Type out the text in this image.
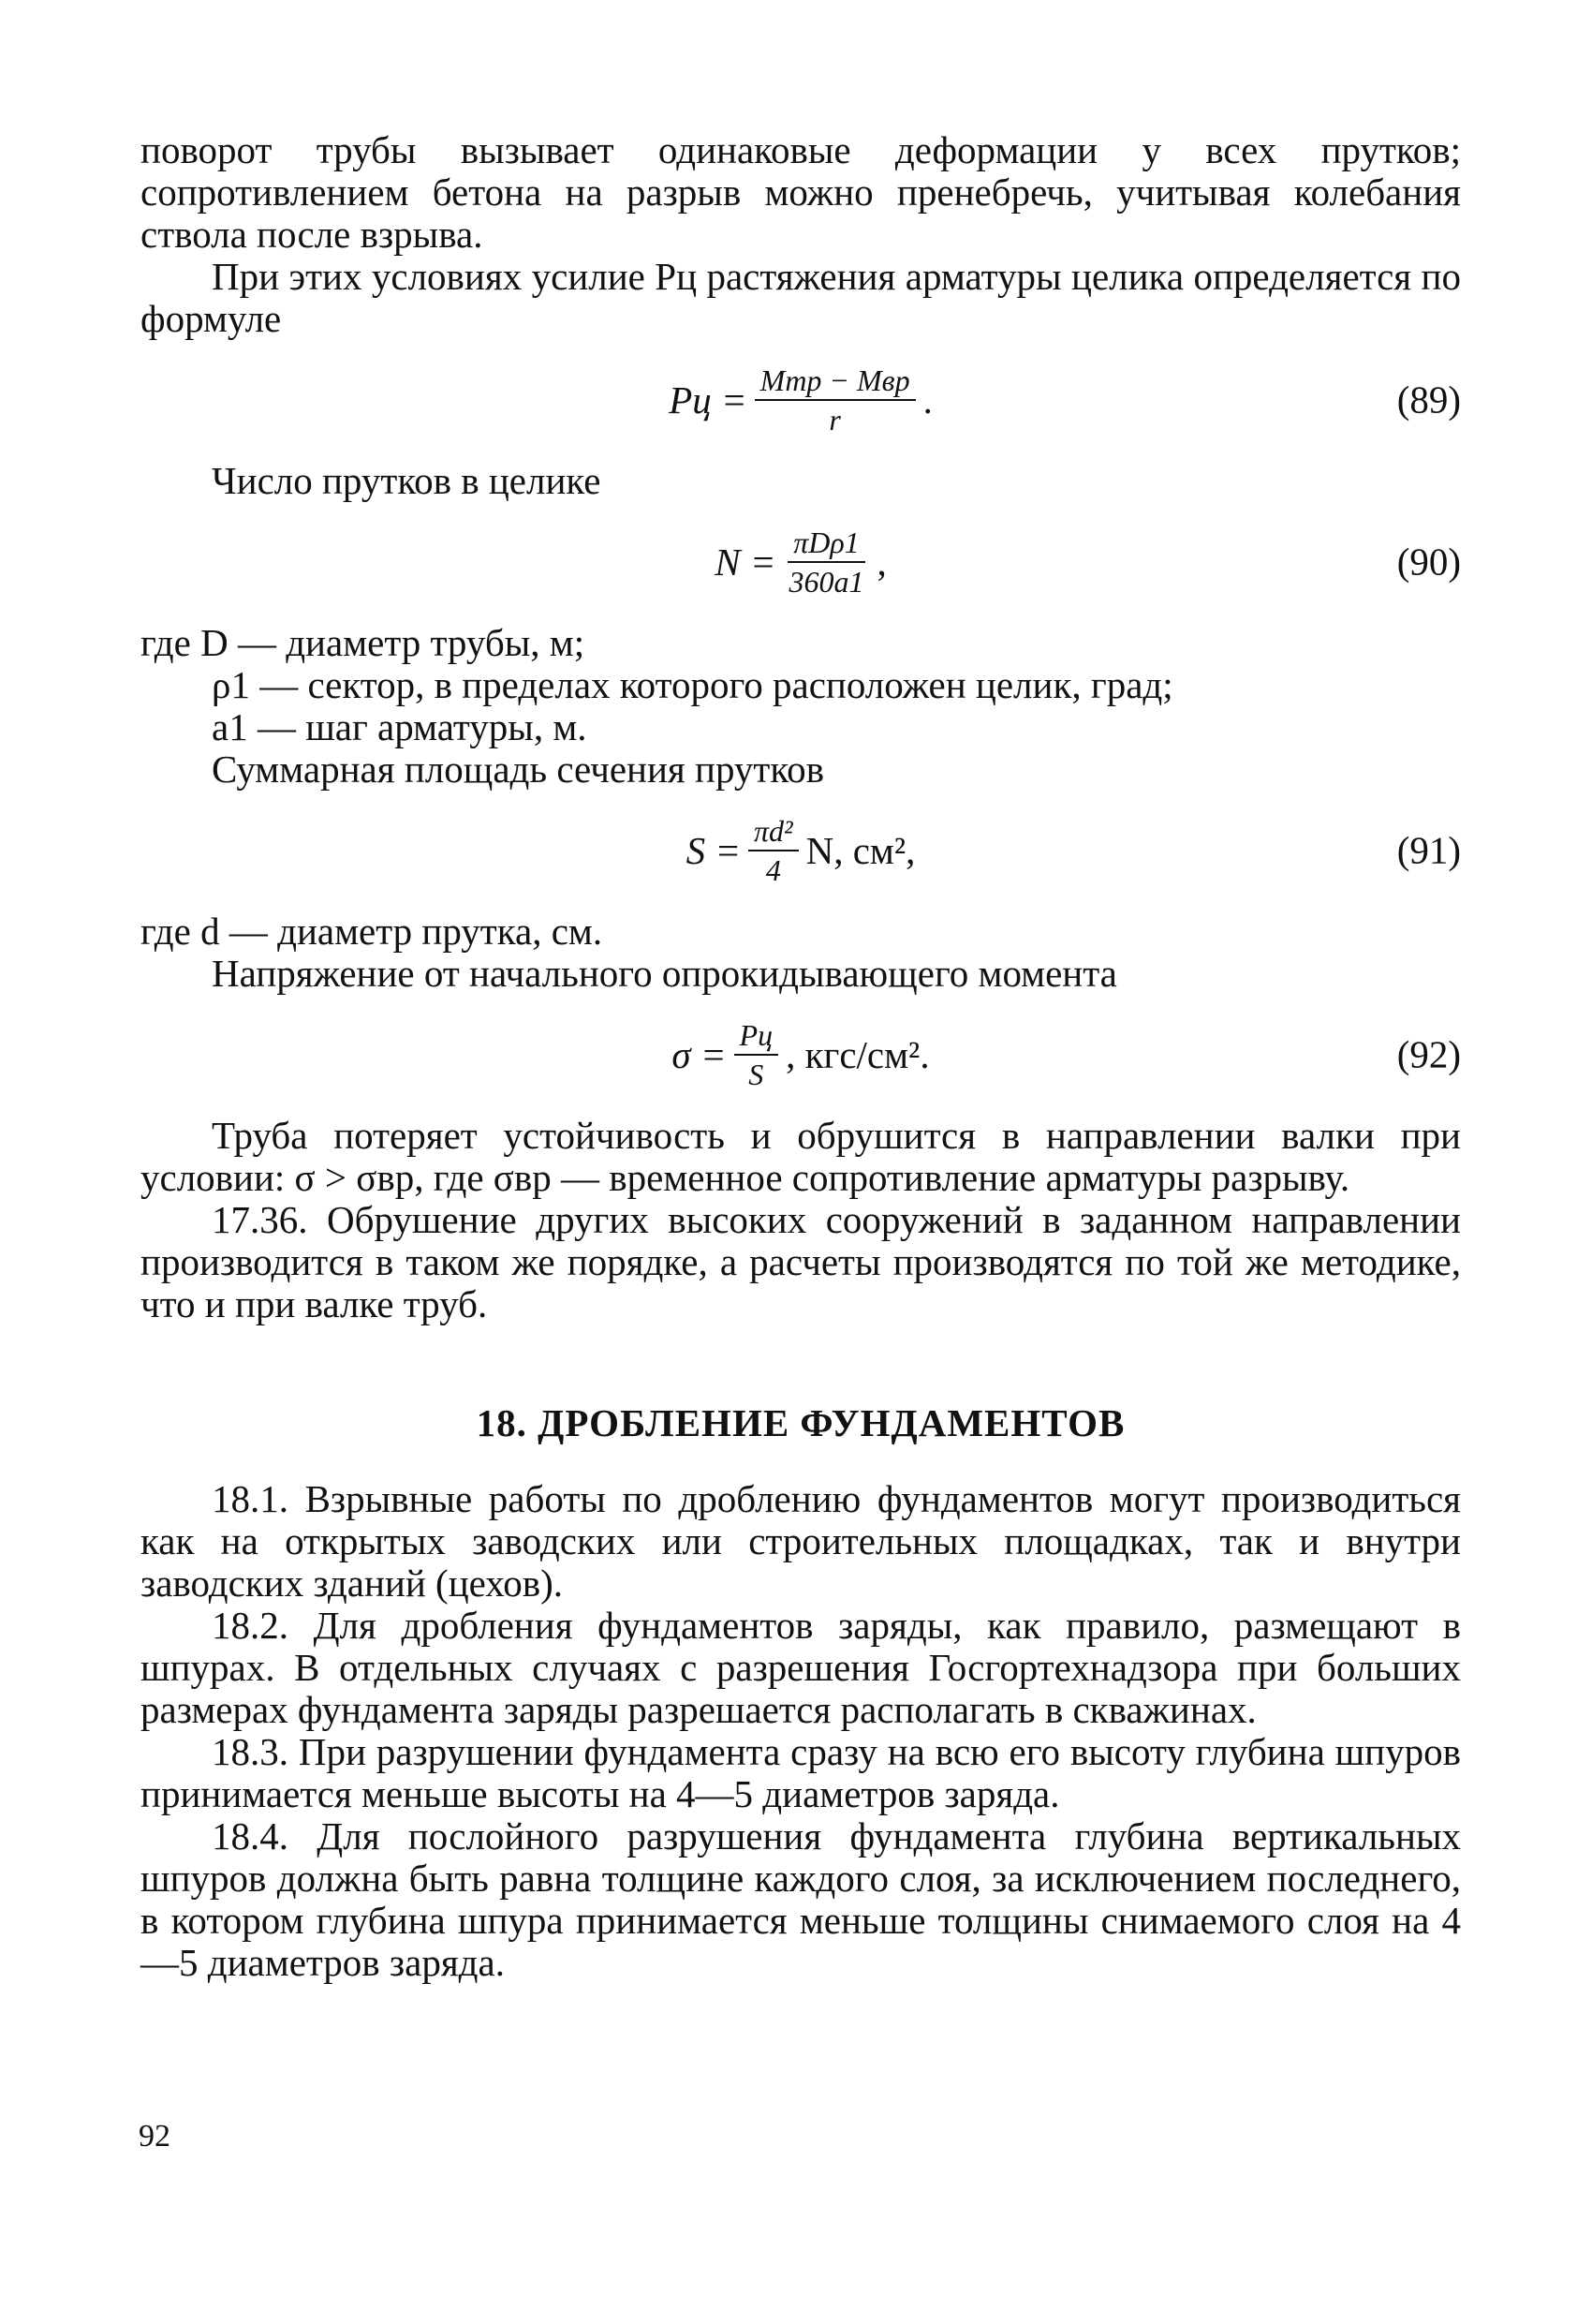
поворот трубы вызывает одинаковые деформации у всех прутков; сопротивлением бетона на разрыв можно пренебречь, учитывая колебания ствола после взрыва.

При этих условиях усилие Pц растяжения арматуры целика определяется по формуле

Pц = $\frac{\text{Mтр − Mвр}}{r}$ .	(89)

Число прутков в целике

$N = \frac{\text{πDρ1}}{360a1}$ ,	(90)

где D — диаметр трубы, м;

ρ1 — сектор, в пределах которого расположен целик, град;

a1 — шаг арматуры, м.

Суммарная площадь сечения прутков

$S = \frac{\text{πd²}}{4} N$, см²,	(91)

где d — диаметр прутка, см.

Напряжение от начального опрокидывающего момента

$\sigma = \frac{Pц}{S}$ , кгс/см².	(92)

Труба потеряет устойчивость и обрушится в направлении валки при условии: σ > σвр, где σвр — временное сопротивление арматуры разрыву.

17.36. Обрушение других высоких сооружений в заданном направлении производится в таком же порядке, а расчеты производятся по той же методике, что и при валке труб.

18. ДРОБЛЕНИЕ ФУНДАМЕНТОВ

18.1. Взрывные работы по дроблению фундаментов могут производиться как на открытых заводских или строительных площадках, так и внутри заводских зданий (цехов).

18.2. Для дробления фундаментов заряды, как правило, размещают в шпурах. В отдельных случаях с разрешения Госгортехнадзора при больших размерах фундамента заряды разрешается располагать в скважинах.

18.3. При разрушении фундамента сразу на всю его высоту глубина шпуров принимается меньше высоты на 4—5 диаметров заряда.

18.4. Для послойного разрушения фундамента глубина вертикальных шпуров должна быть равна толщине каждого слоя, за исключением последнего, в котором глубина шпура принимается меньше толщины снимаемого слоя на 4—5 диаметров заряда.

92
